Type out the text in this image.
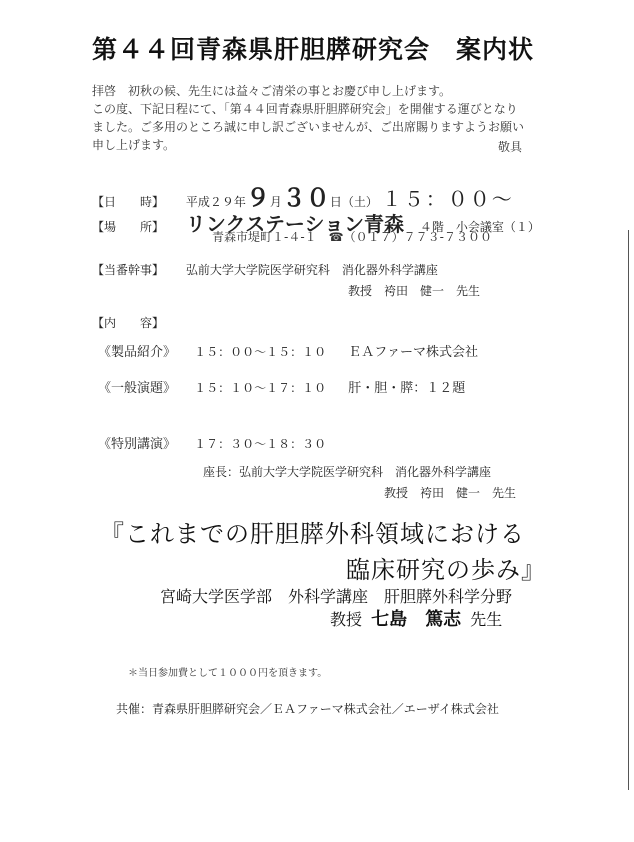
第４４回青森県肝胆膵研究会　案内状
拝啓　初秋の候、先生には益々ご清栄の事とお慶び申し上げます。
この度、下記日程にて、「第４４回青森県肝胆膵研究会」を開催する運びとなり
ました。ご多用のところ誠に申し訳ございませんが、ご出席賜りますようお願い
申し上げます。	敬具
【日　　時】 平成２９年９月３０日（土） １５：００～
【場　　所】 リンクステーション青森 ４階　小会議室（１）
青森市堤町１-４-１　☎（０１７）７７３-７３００
【当番幹事】 弘前大学大学院医学研究科　消化器外科学講座
教授　袴田　健一　先生
【内　　容】
《製品紹介》 １５：００～１５：１０ ＥＡファーマ株式会社
《一般演題》 １５：１０～１７：１０ 肝・胆・膵：１２題
《特別講演》 １７：３０～１８：３０
座長：弘前大学大学院医学研究科　消化器外科学講座
教授　袴田　健一　先生
『これまでの肝胆膵外科領域における
臨床研究の歩み』
宮崎大学医学部　外科学講座　肝胆膵外科学分野
教授 七島　篤志 先生
＊当日参加費として１０００円を頂きます。
共催：青森県肝胆膵研究会／ＥＡファーマ株式会社／エーザイ株式会社
